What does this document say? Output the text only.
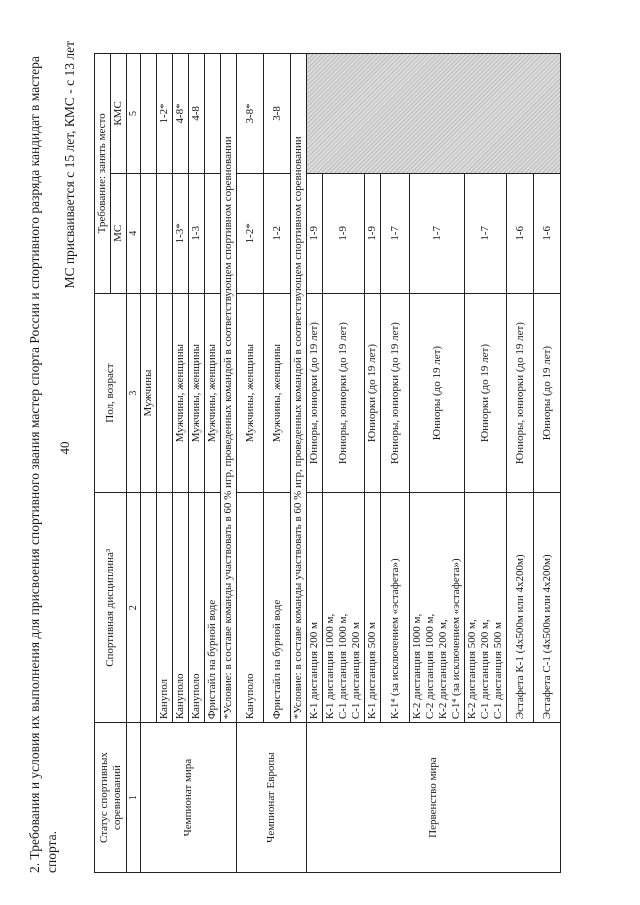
2. Требования и условия их выполнения для присвоения спортивного звания мастер спорта России и спортивного разряда кандидат в мастера спорта.
МС присваивается с 15 лет, КМС - с 13 лет
Статус спортивных соревнований	Спортивная дисциплина³	Пол, возраст	Требование: занять место	
			МС	КМС
1	2	3	4	5
Чемпионат мира		Мужчины		
	Канупол			1-2*
	Кануполо	Мужчины, женщины	1-3*	4-8*
	Кануполо	Мужчины, женщины	1-3	4-8
	Фристайл на бурной воде	Мужчины, женщины		
	*Условие: в составе команды участвовать в 60 % игр, проведенных командой в соответствующем спортивном соревновании			
Чемпионат Европы	Кануполо	Мужчины, женщины	1-2*	3-8*
	Фристайл на бурной воде	Мужчины, женщины	1-2	3-8
	*Условие: в составе команды участвовать в 60 % игр, проведенных командой в соответствующем спортивном соревновании			
Первенство мира	К-1 дистанция 200 м	Юниоры, юниорки (до 19 лет)	1-9	

	К-1 дистанция 1000 м, С-1 дистанция 1000 м, С-1 дистанция 200 м	Юниоры, юниорки (до 19 лет)	1-9	

	К-1 дистанция 500 м	Юниорки (до 19 лет)	1-9	

	К-1⁴ (за исключением «эстафета»)	Юниоры, юниорки (до 19 лет)	1-7	

	К-2 дистанция 1000 м, С-2 дистанция 1000 м, К-2 дистанция 200 м, С-1⁴ (за исключением «эстафета»)	Юниоры (до 19 лет)	1-7	

	К-2 дистанция 500 м, С-1 дистанция 200 м, С-1 дистанция 500 м	Юниорки (до 19 лет)	1-7	

	Эстафета К-1 (4х500м или 4х200м)	Юниоры, юниорки (до 19 лет)	1-6	

	Эстафета С-1 (4х500м или 4х200м)	Юниоры (до 19 лет)	1-6	
40
